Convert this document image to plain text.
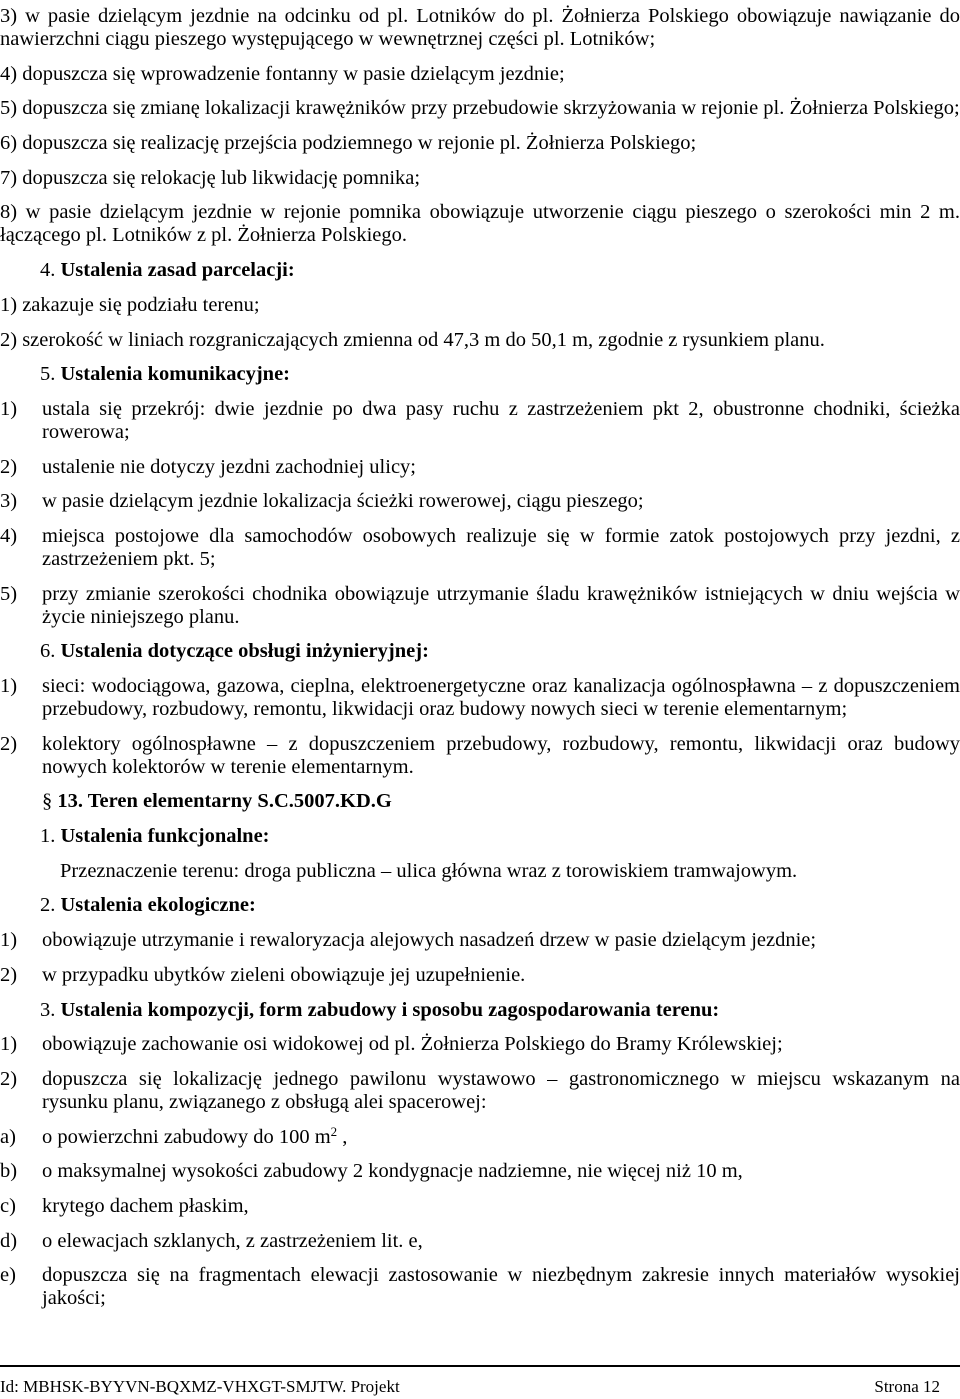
3) w pasie dzielącym jezdnie na odcinku od pl. Lotników do pl. Żołnierza Polskiego obowiązuje nawiązanie do nawierzchni ciągu pieszego występującego w wewnętrznej części pl. Lotników;

4) dopuszcza się wprowadzenie fontanny w pasie dzielącym jezdnie;

5) dopuszcza się zmianę lokalizacji krawężników przy przebudowie skrzyżowania w rejonie pl. Żołnierza Polskiego;

6) dopuszcza się realizację przejścia podziemnego w rejonie pl. Żołnierza Polskiego;

7) dopuszcza się relokację lub likwidację pomnika;

8) w pasie dzielącym jezdnie w rejonie pomnika obowiązuje utworzenie ciągu pieszego o szerokości min 2 m. łączącego pl. Lotników z pl. Żołnierza Polskiego.

4. Ustalenia zasad parcelacji:

1) zakazuje się podziału terenu;

2) szerokość w liniach rozgraniczających zmienna od 47,3 m do 50,1 m, zgodnie z rysunkiem planu.

5. Ustalenia komunikacyjne:

1) ustala się przekrój: dwie jezdnie po dwa pasy ruchu z zastrzeżeniem pkt 2, obustronne chodniki, ścieżka rowerowa;

2) ustalenie nie dotyczy jezdni zachodniej ulicy;

3) w pasie dzielącym jezdnie lokalizacja ścieżki rowerowej, ciągu pieszego;

4) miejsca postojowe dla samochodów osobowych realizuje się w formie zatok postojowych przy jezdni, z zastrzeżeniem pkt. 5;

5) przy zmianie szerokości chodnika obowiązuje utrzymanie śladu krawężników istniejących w dniu wejścia w życie niniejszego planu.

6. Ustalenia dotyczące obsługi inżynieryjnej:

1) sieci: wodociągowa, gazowa, cieplna, elektroenergetyczne oraz kanalizacja ogólnospławna – z dopuszczeniem przebudowy, rozbudowy, remontu, likwidacji oraz budowy nowych sieci w terenie elementarnym;

2) kolektory ogólnospławne – z dopuszczeniem przebudowy, rozbudowy, remontu, likwidacji oraz budowy nowych kolektorów w terenie elementarnym.

§ 13. Teren elementarny S.C.5007.KD.G

1. Ustalenia funkcjonalne:

Przeznaczenie terenu: droga publiczna – ulica główna wraz z torowiskiem tramwajowym.

2. Ustalenia ekologiczne:

1) obowiązuje utrzymanie i rewaloryzacja alejowych nasadzeń drzew w pasie dzielącym jezdnie;

2) w przypadku ubytków zieleni obowiązuje jej uzupełnienie.

3. Ustalenia kompozycji, form zabudowy i sposobu zagospodarowania terenu:

1) obowiązuje zachowanie osi widokowej od pl. Żołnierza Polskiego do Bramy Królewskiej;

2) dopuszcza się lokalizację jednego pawilonu wystawowo – gastronomicznego w miejscu wskazanym na rysunku planu, związanego z obsługą alei spacerowej:

a) o powierzchni zabudowy do 100 $m^2$ ,

b) o maksymalnej wysokości zabudowy 2 kondygnacje nadziemne, nie więcej niż 10 m,

c) krytego dachem płaskim,

d) o elewacjach szklanych, z zastrzeżeniem lit. e,

e) dopuszcza się na fragmentach elewacji zastosowanie w niezbędnym zakresie innych materiałów wysokiej jakości;

Id: MBHSK-BYYVN-BQXMZ-VHXGT-SMJTW. Projekt	Strona 12
